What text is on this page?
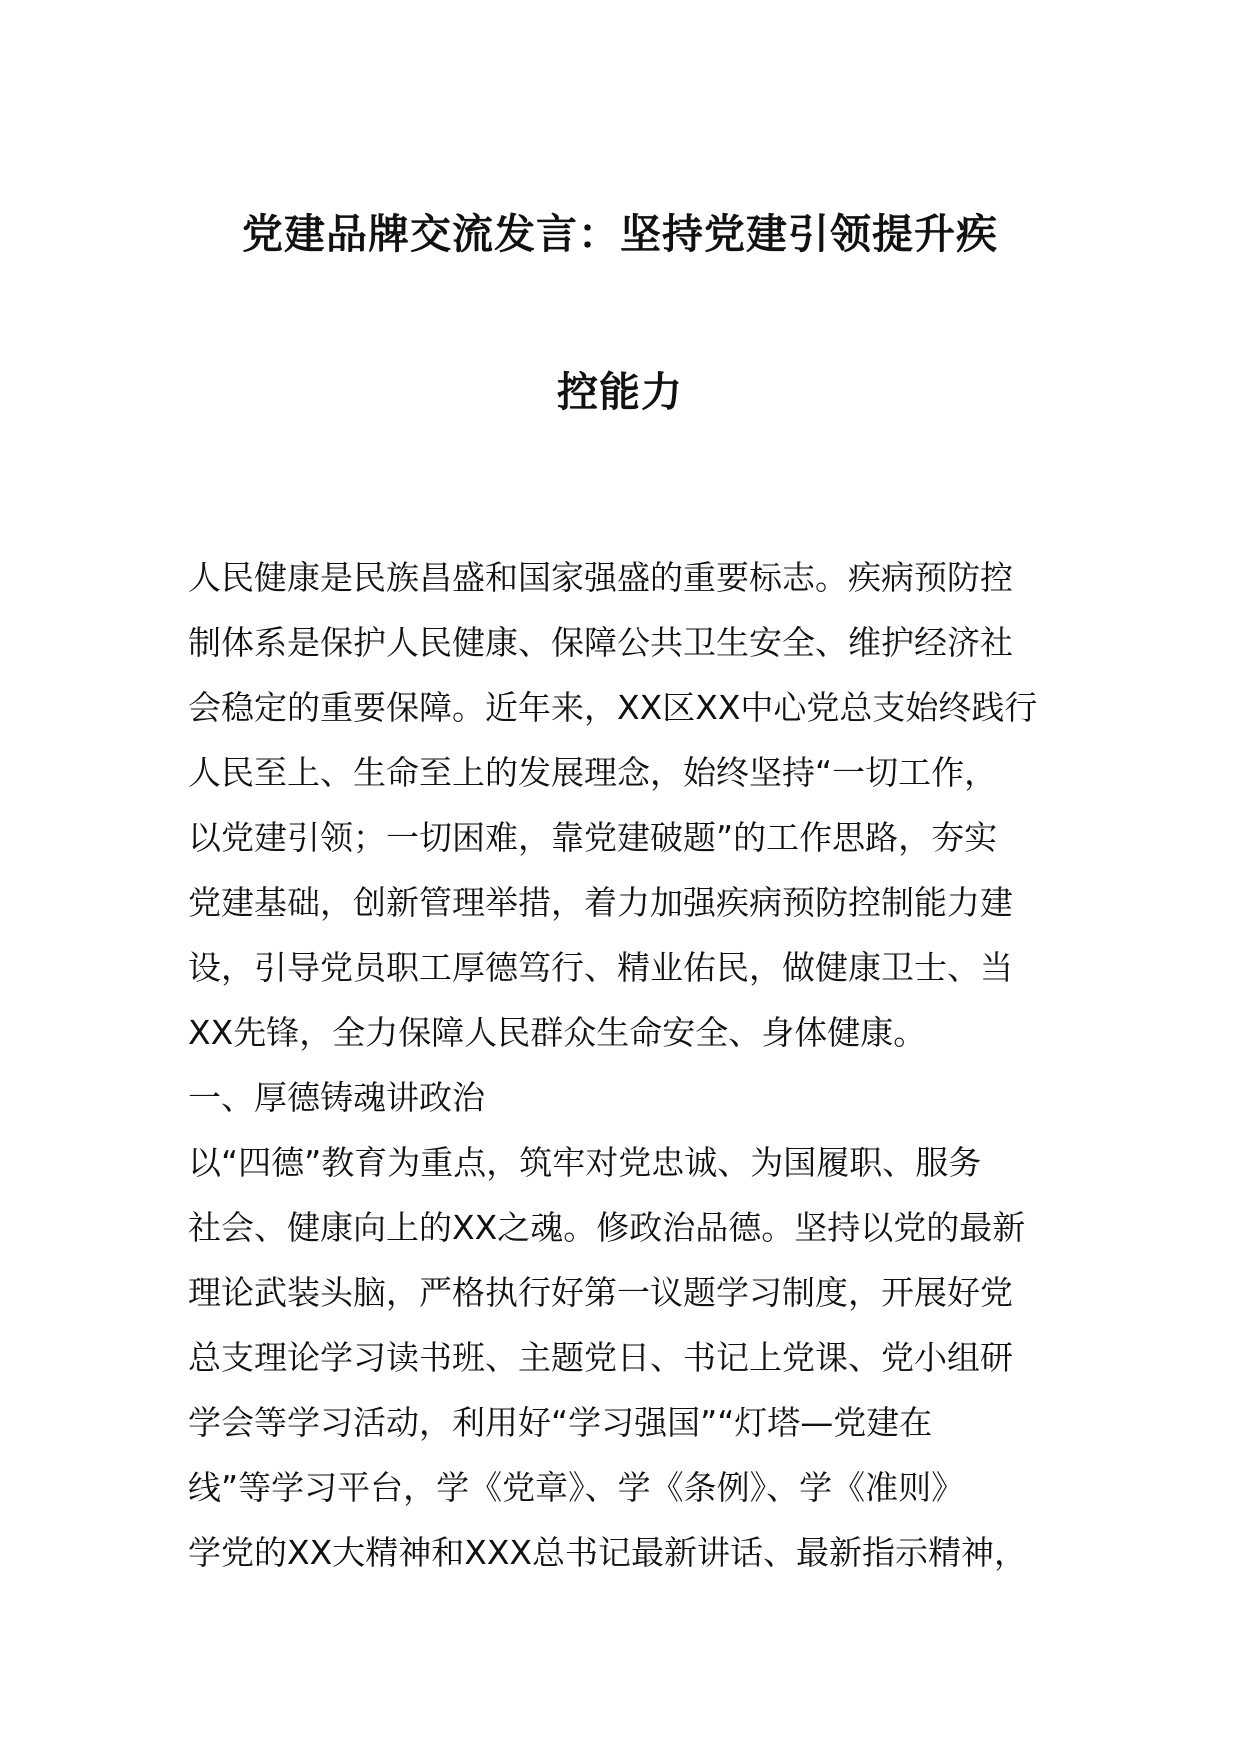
党建品牌交流发言：坚持党建引领提升疾
控能力
人民健康是民族昌盛和国家强盛的重要标志。疾病预防控
制体系是保护人民健康、保障公共卫生安全、维护经济社
会稳定的重要保障。近年来，XX区XX中心党总支始终践行
人民至上、生命至上的发展理念，始终坚持“一切工作，
以党建引领；一切困难，靠党建破题”的工作思路，夯实
党建基础，创新管理举措，着力加强疾病预防控制能力建
设，引导党员职工厚德笃行、精业佑民，做健康卫士、当
XX先锋，全力保障人民群众生命安全、身体健康。
一、厚德铸魂讲政治
以“四德”教育为重点，筑牢对党忠诚、为国履职、服务
社会、健康向上的XX之魂。修政治品德。坚持以党的最新
理论武装头脑，严格执行好第一议题学习制度，开展好党
总支理论学习读书班、主题党日、书记上党课、党小组研
学会等学习活动，利用好“学习强国”“灯塔—党建在
线”等学习平台，学《党章》、学《条例》、学《准则》
学党的XX大精神和XXX总书记最新讲话、最新指示精神，
